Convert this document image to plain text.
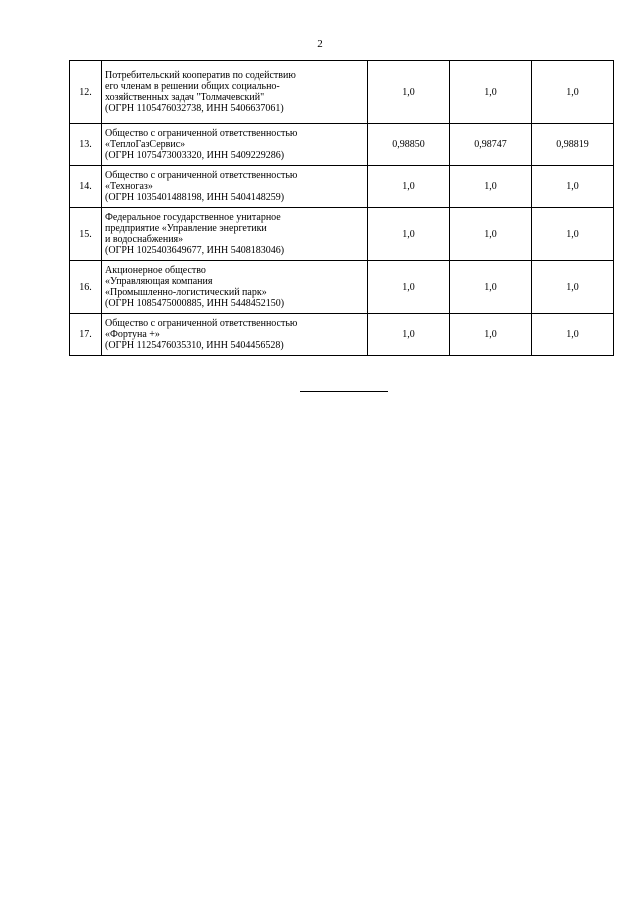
2
12.	Потребительский кооператив по содействию
его членам в решении общих социально-
хозяйственных задач "Толмачевский"
(ОГРН 1105476032738, ИНН 5406637061)	1,0	1,0	1,0
13.	Общество с ограниченной ответственностью
«ТеплоГазСервис»
(ОГРН 1075473003320, ИНН 5409229286)	0,98850	0,98747	0,98819
14.	Общество с ограниченной ответственностью
«Техногаз»
(ОГРН 1035401488198, ИНН 5404148259)	1,0	1,0	1,0
15.	Федеральное государственное унитарное
предприятие «Управление энергетики
и водоснабжения»
(ОГРН 1025403649677, ИНН 5408183046)	1,0	1,0	1,0
16.	Акционерное общество
«Управляющая компания
«Промышленно-логистический парк»
(ОГРН 1085475000885, ИНН 5448452150)	1,0	1,0	1,0
17.	Общество с ограниченной ответственностью
«Фортуна +»
(ОГРН 1125476035310, ИНН 5404456528)	1,0	1,0	1,0
